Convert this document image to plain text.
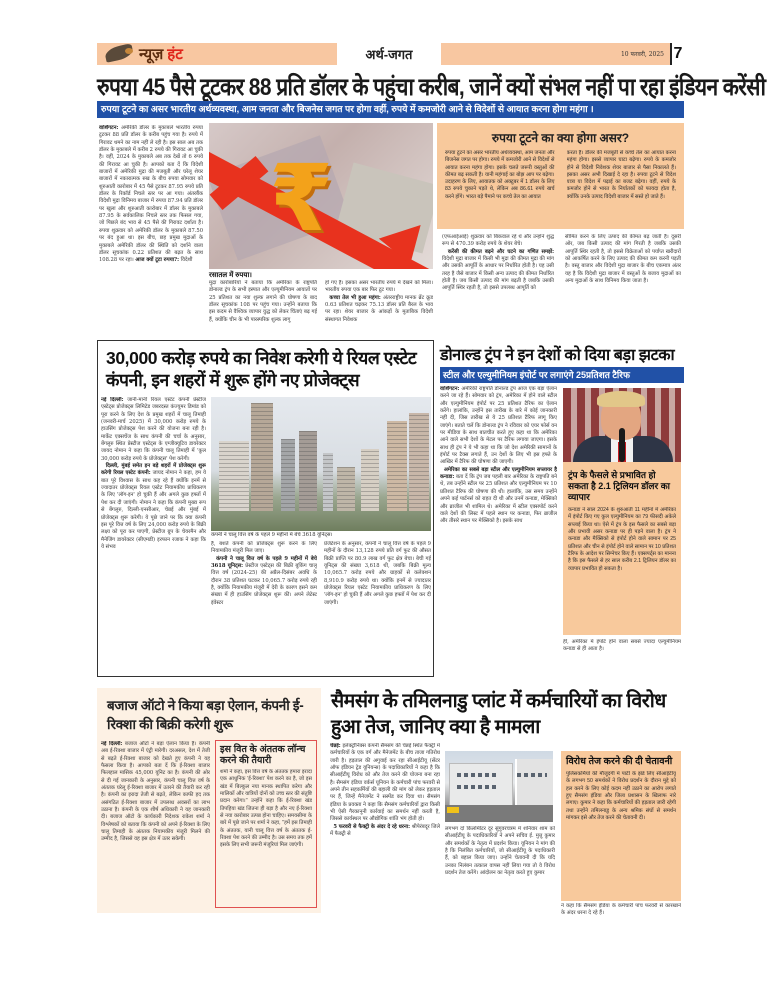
न्यूज़ हंट	अर्थ-जगत	10 फरवरी, 2025 7
रुपया 45 पैसे टूटकर 88 प्रति डॉलर के पहुंचा करीब, जानें क्यों संभल नहीं पा रहा इंडियन करेंसी
रुपया टूटने का असर भारतीय अर्थव्यवस्था, आम जनता और बिजनेस जगत पर होगा वहीं, रुपये में कमजोरी आने से विदेशों से आयात करना होगा महंगा ।
वाशिंगटन: अमेरिकी डॉलर के मुकाबले भारतीय रुपया टूटकर 88 प्रति डॉलर के करीब पहुंच गया है। रुपये में गिरावट थमने का नाम नहीं ले रही है। इस साल अब तक डॉलर के मुकाबले में करीब 2 रुपये की गिरावट आ चुकी है। वहीं, 2024 के मुकाबले अब तक देखें तो 6 रुपये की गिरावट आ चुकी है। आपको बता दें कि विदेशी बाजारों में अमेरिकी मुद्रा की मजबूती और घरेलू शेयर बाजारों में नकारात्मक रुख के बीच रुपया सोमवार को शुरुआती कारोबार में 45 पैसे टूटकर 87.95 रुपये प्रति डॉलर के रिकॉर्ड निचले स्तर पर आ गया। अंतरबैंक विदेशी मुद्रा विनिमय बाजार में रुपया 87.94 प्रति डॉलर पर खुला और शुरुआती कारोबार में डॉलर के मुकाबले 87.95 के सर्वकालिक निचले स्तर तक फिसल गया, जो पिछले बंद भाव से 45 पैसे की गिरावट दर्शाता है। रुपया शुक्रवार को अमेरिकी डॉलर के मुकाबले 87.50 पर बंद हुआ था। इस बीच, छह प्रमुख मुद्राओं के मुकाबले अमेरिकी डॉलर की स्थिति को दर्शाने वाला डॉलर सूचकांक 0.22 प्रतिशत की बढ़त के साथ 108.28 पर रहा। आज क्यों टूटा रुपया?: विदेशी
₹
रसातल में रुपया।
मुद्रा कारोबारियों ने बताया कि अमेरिका के राष्ट्रपति डोनाल्ड ट्रंप के सभी इस्पात और एल्यूमीनियम आयातों पर 25 प्रतिशत का नया शुल्क लगाने की घोषणा के बाद डॉलर सूचकांक 108 पर पहुंच गया। उन्होंने बताया कि इस कदम से वैश्विक व्यापार युद्ध को लेकर चिंताएं बढ़ गई हैं, क्योंकि चीन के भी पारस्परिक शुल्क लागू
हो गए हैं। इसका असर भारतीय रुपये में देखने को मिला। भारतीय रुपया एक बार फिर टूट गया।
कच्चा तेल भी हुआ महंगा: अंतरराष्ट्रीय मानक ब्रेंट क्रूड 0.63 प्रतिशत चढ़कर 75.13 डॉलर प्रति बैरल के भाव पर रहा। शेयर बाजार के आंकड़ों के मुताबिक विदेशी संस्थागत निवेशक
रुपया टूटने का क्या होगा असर?
रुपया टूटने का असर भारतीय अर्थव्यवस्था, आम जनता और बिजनेस जगत पर होगा। रुपये में कमजोरी आने से विदेशों से आयात करना महंगा होगा। इसके चलते जरूरी वस्तुओं की कीमत बढ़ सकती है। यानी महंगाई का बोझ आप पर बढ़ेगा। उदाहरण के लिए, आयातक को अक्टूबर में 1 डॉलर के लिए 83 रुपये चुकाने पड़ते थे, लेकिन अब 86.61 रुपये खर्च करने होंगे। भारत बड़े पैमाने पर कच्चे तेल का आयात
करता है। डॉलर की मजबूती से कच्चे तेल का आयात करना महंगा होगा। इससे व्यापार घाटा बढ़ेगा। रुपये के कमजोर होने से विदेशी निवेशक शेयर बाजार से पैसा निकालते हैं। इसका असर अभी दिखाई दे रहा है। रुपया टूटने से विदेश यात्रा या विदेश में पढ़ाई का बजट बढ़ेगा। वहीं, रुपये के कमजोर होने से भारत के निर्यातकों को फायदा होता है, क्योंकि उनके उत्पाद विदेशी बाजार में सस्ते हो जाते हैं।
(एफआईआई) शुक्रवार को बिकवाल रहे थे और उन्होंने शुद्ध रूप से 470.39 करोड़ रुपये के शेयर बेचे।
करेंसी की कीमत बढ़ने और घटने का गणित समझें: विदेशी मुद्रा बाजार में किसी भी मुद्रा की कीमत मुद्रा की मांग और उसकी आपूर्ति के आधार पर निर्धारित होती है। यह उसी तरह है जैसे बाजार में किसी अन्य उत्पाद की कीमत निर्धारित होती है। जब किसी उत्पाद की मांग बढ़ती है जबकि उसकी आपूर्ति स्थिर रहती है, तो इससे उपलब्ध आपूर्ति को
सीमित करने के लिए उत्पाद की कीमत बढ़ जाती है। दूसरी ओर, जब किसी उत्पाद की मांग गिरती है जबकि उसकी आपूर्ति स्थिर रहती है, तो इससे विक्रेताओं को पर्याप्त खरीदारों को आकर्षित करने के लिए उत्पाद की कीमत कम करनी पड़ती है। वस्तु बाजार और विदेशी मुद्रा बाजार के बीच एकमात्र अंतर यह है कि विदेशी मुद्रा बाजार में वस्तुओं के बजाय मुद्राओं का अन्य मुद्राओं के साथ विनिमय किया जाता है।
30,000 करोड़ रुपये का निवेश करेगी ये रियल एस्टेट कंपनी, इन शहरों में शुरू होंगे नए प्रोजेक्ट्स
नई दिल्ली: जानी-मानी रियल एस्टेट कंपनी प्रेस्टीज एस्टेट्स प्रोजेक्ट्स लिमिटेड जबरदस्त कंज्यूमर डिमांड को पूरा करने के लिए देश के प्रमुख शहरों में चालू तिमाही (जनवरी-मार्च 2025) में 30,000 करोड़ रुपये के हाउसिंग प्रोजेक्ट्स पेश करने की योजना बना रही है। मार्केट एक्सचेंज के साथ कंपनी की चर्चा के अनुसार, बेंगलुरु स्थित प्रेस्टीज एस्टेट्स के एग्जीक्यूटिव डायरेक्टर जायद नोमान ने कहा कि कंपनी चालू तिमाही में 'कुल 30,000 करोड़ रुपये के प्रोजेक्ट्स' पेश करेगी।
दिल्ली, मुंबई समेत इन बड़े शहरों में प्रोजेक्ट्स शुरू करेगी रियल एस्टेट कंपनी: जायद नोमान ने कहा, हम ये बात पूरे विश्वास के साथ कह रहे हैं क्योंकि इनमें से ज्यादातर प्रोजेक्ट्स रियल एस्टेट नियामकीय प्राधिकरण के लिए 'लॉग-इन' हो चुकी हैं और अगले कुछ हफ्तों में पेश कर दी जाएंगी। नोमान ने कहा कि कंपनी मुख्य रूप से बेंगलुरु, दिल्ली-एनसीआर, चेन्नई और मुंबई में प्रोजेक्ट्स शुरू करेगी। ये पूछे जाने पर कि क्या कंपनी इस पूरे वित्त वर्ष के लिए 24,000 करोड़ रुपये के बिक्री लक्ष्य को पूरा कर पाएगी, प्रेस्टीज ग्रुप के चेयरमैन और मैनेजिंग डायरेक्टर (सीएमडी) इरफान रजाक ने कहा कि ये संभव
कंपनी ने चालू वित्त वर्ष के पहले 9 महीनों में बेचे 3618 यूनिट्स।
है, बशर्ते कंपनी को प्रोजेक्ट्स शुरू करने के लिए नियामकीय मंजूरी मिल जाए।
कंपनी ने चालू वित्त वर्ष के पहले 9 महीनों में बेचे 3618 यूनिट्स: प्रेस्टीज एस्टेट्स की बिक्री बुकिंग चालू वित्त वर्ष (2024-25) की अप्रैल-दिसंबर अवधि के दौरान 38 प्रतिशत घटकर 10,065.7 करोड़ रुपये रही है, क्योंकि नियामकीय मंजूरी में देरी के कारण इसने कम संख्या में ही हाउसिंग प्रोजेक्ट्स शुरू कीं। अपने लेटेस्ट इंवेस्टर
प्रेजेंटेशन के अनुसार, कंपनी ने चालू वित्त वर्ष के पहले 9 महीनों के दौरान 13,128 रुपये प्रति वर्ग फुट की औसत बिक्री प्राप्ति पर 80.9 लाख वर्ग फुट क्षेत्र बेचा। बेची गई यूनिट्स की संख्या 3,618 थी, जबकि बिक्री मूल्य 10,065.7 करोड़ रुपये और ग्राहकों से कलेक्शन 8,910.9 करोड़ रुपये था। क्योंकि इनमें से ज्यादातर प्रोजेक्ट्स रियल एस्टेट नियामकीय प्राधिकरण के लिए 'लॉग-इन' हो चुकी हैं और अगले कुछ हफ्तों में पेश कर दी जाएंगी।
डोनाल्ड ट्रंप ने इन देशों को दिया बड़ा झटका
स्टील और एल्युमीनियम इंपोर्ट पर लगाएंगे 25प्रतिशत टैरिफ
वाशिंगटन: अमेरिकी राष्ट्रपति डोनाल्ड ट्रंप आज एक बड़ा ऐलान करने जा रहे हैं। सोमवार को ट्रंप, अमेरिका में होने वाले स्टील और एल्युमीनियम इंपोर्ट पर 25 प्रतिशत टैरिफ का ऐलान करेंगे। हालांकि, उन्होंने इस तारीख के बारे में कोई जानकारी नहीं दी, जिस तारीख से ये 25 प्रतिशत टैरिफ लागू किए जाएंगे। बताते चलें कि डोनाल्ड ट्रंप ने रविवार को एयर फोर्स वन पर मीडिया के साथ बातचीत करते हुए कहा था कि अमेरिका आने वाले सभी देशों के मेटल पर टैरिफ लगाया जाएगा। इसके साथ ही ट्रंप ने ये भी कहा था कि जो देश अमेरिकी सामानों के इंपोर्ट पर टैक्स लगाते हैं, उन देशों के लिए भी इस हफ्ते के आखिर में टैरिफ की घोषणा की जाएगी।
अमेरिका का सबसे बड़ा स्टील और एल्युमीनियम सप्लायर है कनाडा: बता दें कि ट्रंप जब पहली बार अमेरिका के राष्ट्रपति बने थे, तब उन्होंने स्टील पर 25 प्रतिशत और एल्युमीनियम पर 10 प्रतिशत टैरिफ की घोषणा की थी। हालांकि, उस समय उन्होंने अपने कई पार्टनर्स को राहत दी थी और उनमें कनाडा, मेक्सिको और ब्राजील भी शामिल थे। अमेरिका में स्टील एक्सपोर्ट करने वाले देशों की लिस्ट में पहले स्थान पर कनाडा, फिर ब्राजील और तीसरे स्थान पर मेक्सिको है। इसके साथ
ट्रंप के फैसले से प्रभावित हो सकता है 2.1 ट्रिलियन डॉलर का व्यापार
कनाडा ने साल 2024 के शुरुआती 11 महीनों में अमेरिका में इंपोर्ट किए गए कुल एल्युमीनियम का 79 फीसदी अकेले सप्लाई किया था। ऐसे में ट्रंप के इस फैसले का सबसे बड़ा और प्रभावी असर कनाडा पर ही पड़ने वाला है। ट्रंप ने कनाडा और मैक्सिको से इंपोर्ट होने वाले सामान पर 25 प्रतिशत और चीन से इंपोर्ट होने वाले सामान पर 10 प्रतिशत टैरिफ के आदेश पर सिग्नेचर किए हैं। एक्सपर्ट्स का मानना है कि इस फैसले से हर साल करीब 2.1 ट्रिलियन डॉलर का व्यापार प्रभावित हो सकता है।
ही, अमेरिका में इंपोर्ट होने वाला सबसे ज्यादा एल्युमीनियम कनाडा से ही आता है।
बजाज ऑटो ने किया बड़ा ऐलान, कंपनी ई-रिक्शा की बिक्री करेगी शुरू
नई दिल्ली: बजाज ऑटो ने बड़ा ऐलान किया है। कंपनी अब ई-रिक्शा बाजार में एंट्री मारेगी। दरअसल, देश में तेजी से बढ़ते ई-रिक्शा बाजार को देखते हुए कंपनी ने यह फैसला किया है। आपको बता दें कि ई-रिक्शा बाजार फिलहाल मासिक 45,000 यूनिट का है। कंपनी की ओर से दी गई जानकारी के अनुसार, कंपनी चालू वित्त वर्ष के अंततक घरेलू ई-रिक्शा बाजार में उतरने की तैयारी कर रही है। कंपनी का इरादा तेजी से बढ़ते, लेकिन काफी हद तक असंगठित ई-रिक्शा बाजार में उपलब्ध अवसरों का लाभ उठाना है। कंपनी के एक शीर्ष अधिकारी ने यह जानकारी दी। बजाज ऑटो के कार्यकारी निदेशक राकेश शर्मा ने विश्लेषकों को बताया कि कंपनी को अपने ई-रिक्शा के लिए चालू तिमाही के अंततक नियामकीय मंजूरी मिलने की उम्मीद है, जिससे वह इस क्षेत्र में उतर सकेगी।
इस वित के अंततक लॉन्च करने की तैयारी
शर्मा ने कहा, इस वित्त वर्ष के अंततक हमारा इरादा एक आधुनिक 'ई-रिक्शा' पेश करने का है, जो इस खंड में बिल्कुल नया मानक स्थापित करेगा और मालिकों और यात्रियों दोनों को उच्च स्तर की संतुष्टि प्रदान करेगा।'' उन्होंने कहा कि ई-रिक्शा खंड तिपहिया खंड जितना ही बड़ा है और नए ई-रिक्शा से नया कारोबार उत्पन्न होना चाहिए। समयसीमा के बारे में पूछे जाने पर शर्मा ने कहा, ''हमें इस तिमाही के अंततक, यानी चालू वित्त वर्ष के अंततक ई-रिक्शा पेश करने की उम्मीद है। उस समय तक हमें इसके लिए सभी जरूरी मंजूरियां मिल जाएंगी।
सैमसंग के तमिलनाडु प्लांट में कर्मचारियों का विरोध हुआ तेज, जानिए क्या है मामला
चेन्नई: इलेक्ट्रॉनिक्स कंपनी सैमसंग की चेन्नई स्थित फैक्ट्री में कर्मचारियों के एक वर्ग और मैनेजमेंट के बीच ताजा गतिरोध जारी है। हड़ताल की अगुवाई कर रहा सीआईटीयू (सेंटर ऑफ इंडियन ट्रेड यूनियन्स) के पदाधिकारियों ने कहा है कि सीआईटीयू विरोध को और तेज करने की योजना बना रहा है। सैमसंग इंडिया वर्कर्स यूनियन के कर्मचारी पांच फरवरी से अपने तीन सहकर्मियों की बहाली की मांग को लेकर हड़ताल पर हैं, जिन्हें मैनेजमेंट ने सस्पेंड कर दिया था। सैमसंग इंडिया के प्रवक्ता ने कहा कि सैमसंग कर्मचारियों द्वारा किसी भी ऐसी गैरकानूनी कार्रवाई का समर्थन नहीं करती है, जिससे कार्यस्थल पर औद्योगिक शांति भंग होती हो।
5 फरवरी से फैक्ट्री के अंदर दे रहे धरना: श्रीपेरंबदूर जिले में फैक्ट्री से
लगभग दो किलोमीटर दूर सुंगुवरचत्रम में शनिवार शाम को सीआईटीयू के पदाधिकारियों ने अपने सचिव ई. मुत्तु कुमार और समर्थकों के नेतृत्व में प्रदर्शन किया। यूनियन ने मांग की है कि निलंबित कर्मचारियों, जो सीआईटीयू के पदाधिकारी हैं, को बहाल किया जाए। उन्होंने चेतावनी दी कि यदि उनका निलंबन तत्काल वापस नहीं लिया गया तो वे विरोध प्रदर्शन तेज करेंगे। आंदोलन का नेतृत्व करते हुए कुमार
विरोध तेज करने की दी चेतावनी
पुलिसकर्मियों की मौजूदगी में पार्टी के झंडे लिए सीआईटीयू के लगभग 50 समर्थकों ने विरोध प्रदर्शन के दौरान मुद्दे को हल करने के लिए कोई कदम नहीं उठाने का आरोप लगाते हुए सैमसंग इंडिया और जिला प्रशासन के खिलाफ नारे लगाए। कुमार ने कहा कि कर्मचारियों की हड़ताल जारी रहेगी तथा उन्होंने तमिलनाडु के अन्य श्रमिक संघों से समर्थन मांगकर इसे और तेज करने की चेतावनी दी।
ने कहा कि सैमसंग इंडिया के कर्मचारी पांच फरवरी से कारखाने के अंदर धरना दे रहे हैं।
